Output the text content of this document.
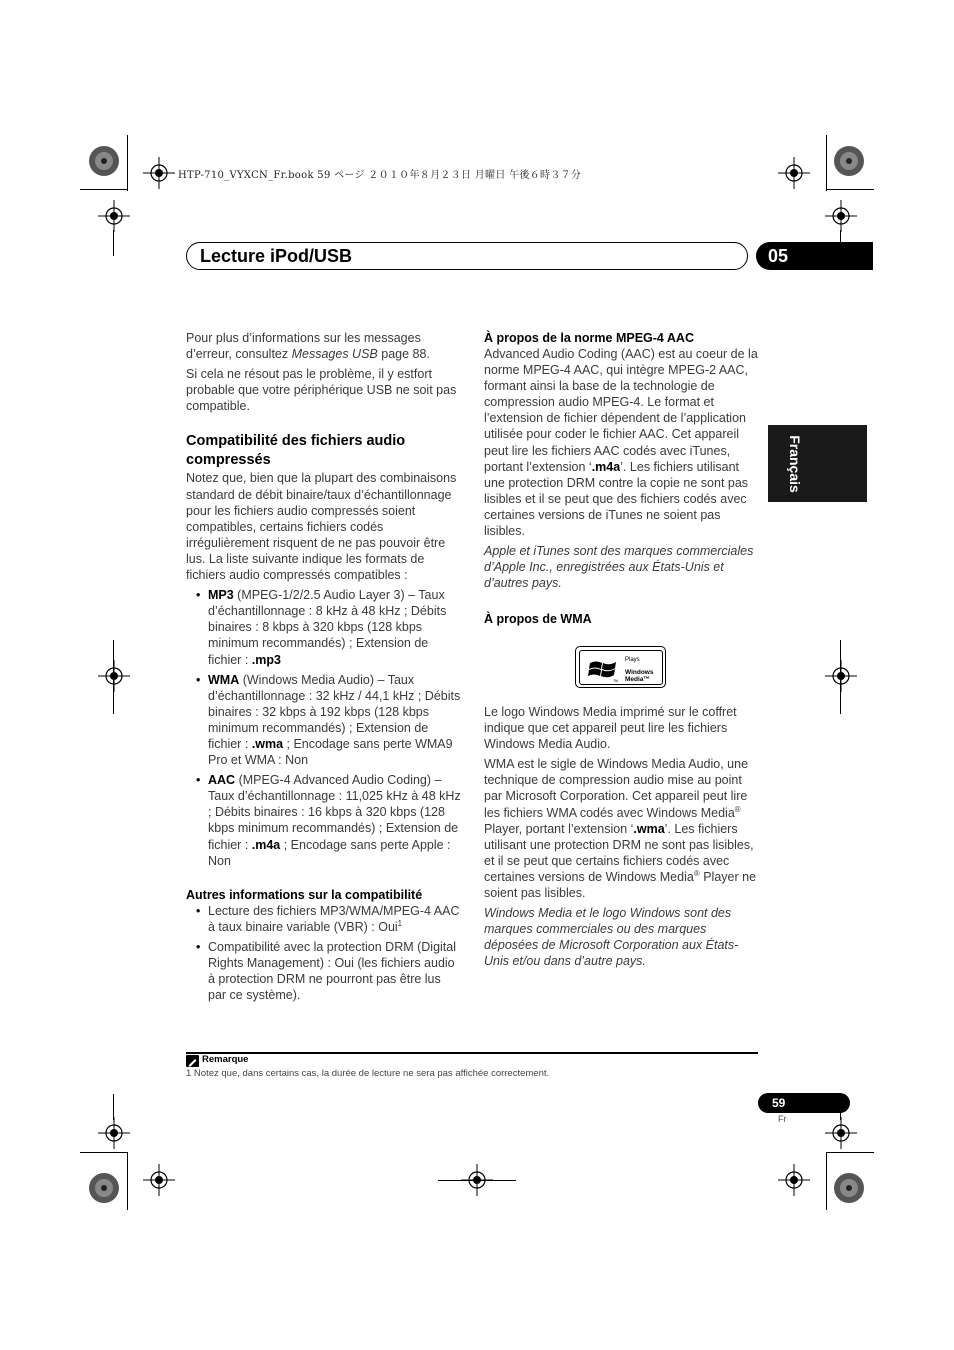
HTP-710_VYXCN_Fr.book 59 ページ ２０１０年８月２３日 月曜日 午後６時３７分
Lecture iPod/USB	05
Français

Pour plus d’informations sur les messages d’erreur, consultez Messages USB page 88.

Si cela ne résout pas le problème, il y estfort probable que votre périphérique USB ne soit pas compatible.

Compatibilité des fichiers audio compressés

Notez que, bien que la plupart des combinaisons standard de débit binaire/taux d’échantillonnage pour les fichiers audio compressés soient compatibles, certains fichiers codés irrégulièrement risquent de ne pas pouvoir être lus. La liste suivante indique les formats de fichiers audio compressés compatibles :

• MP3 (MPEG-1/2/2.5 Audio Layer 3) – Taux d’échantillonnage : 8 kHz à 48 kHz ; Débits binaires : 8 kbps à 320 kbps (128 kbps minimum recommandés) ; Extension de fichier : .mp3
• WMA (Windows Media Audio) – Taux d’échantillonnage : 32 kHz / 44,1 kHz ; Débits binaires : 32 kbps à 192 kbps (128 kbps minimum recommandés) ; Extension de fichier : .wma ; Encodage sans perte WMA9 Pro et WMA : Non
• AAC (MPEG-4 Advanced Audio Coding) – Taux d’échantillonnage : 11,025 kHz à 48 kHz ; Débits binaires : 16 kbps à 320 kbps (128 kbps minimum recommandés) ; Extension de fichier : .m4a ; Encodage sans perte Apple : Non
Autres informations sur la compatibilité
• Lecture des fichiers MP3/WMA/MPEG-4 AAC à taux binaire variable (VBR) : Oui$^1$
• Compatibilité avec la protection DRM (Digital Rights Management) : Oui (les fichiers audio à protection DRM ne pourront pas être lus par ce système).
À propos de la norme MPEG-4 AAC

Advanced Audio Coding (AAC) est au coeur de la norme MPEG-4 AAC, qui intègre MPEG-2 AAC, formant ainsi la base de la technologie de compression audio MPEG-4. Le format et l’extension de fichier dépendent de l’application utilisée pour coder le fichier AAC. Cet appareil peut lire les fichiers AAC codés avec iTunes, portant l’extension ‘.m4a’. Les fichiers utilisant une protection DRM contre la copie ne sont pas lisibles et il se peut que des fichiers codés avec certaines versions de iTunes ne soient pas lisibles.

Apple et iTunes sont des marques commerciales d’Apple Inc., enregistrées aux États-Unis et d’autres pays.

À propos de WMA
Plays
Windows
Media™
TM

Le logo Windows Media imprimé sur le coffret indique que cet appareil peut lire les fichiers Windows Media Audio.

WMA est le sigle de Windows Media Audio, une technique de compression audio mise au point par Microsoft Corporation. Cet appareil peut lire les fichiers WMA codés avec Windows Media® Player, portant l’extension ‘.wma’. Les fichiers utilisant une protection DRM ne sont pas lisibles, et il se peut que certains fichiers codés avec certaines versions de Windows Media® Player ne soient pas lisibles.

Windows Media et le logo Windows sont des marques commerciales ou des marques déposées de Microsoft Corporation aux États-Unis et/ou dans d’autre pays.

Remarque
1 Notez que, dans certains cas, la durée de lecture ne sera pas affichée correctement.
59
Fr
